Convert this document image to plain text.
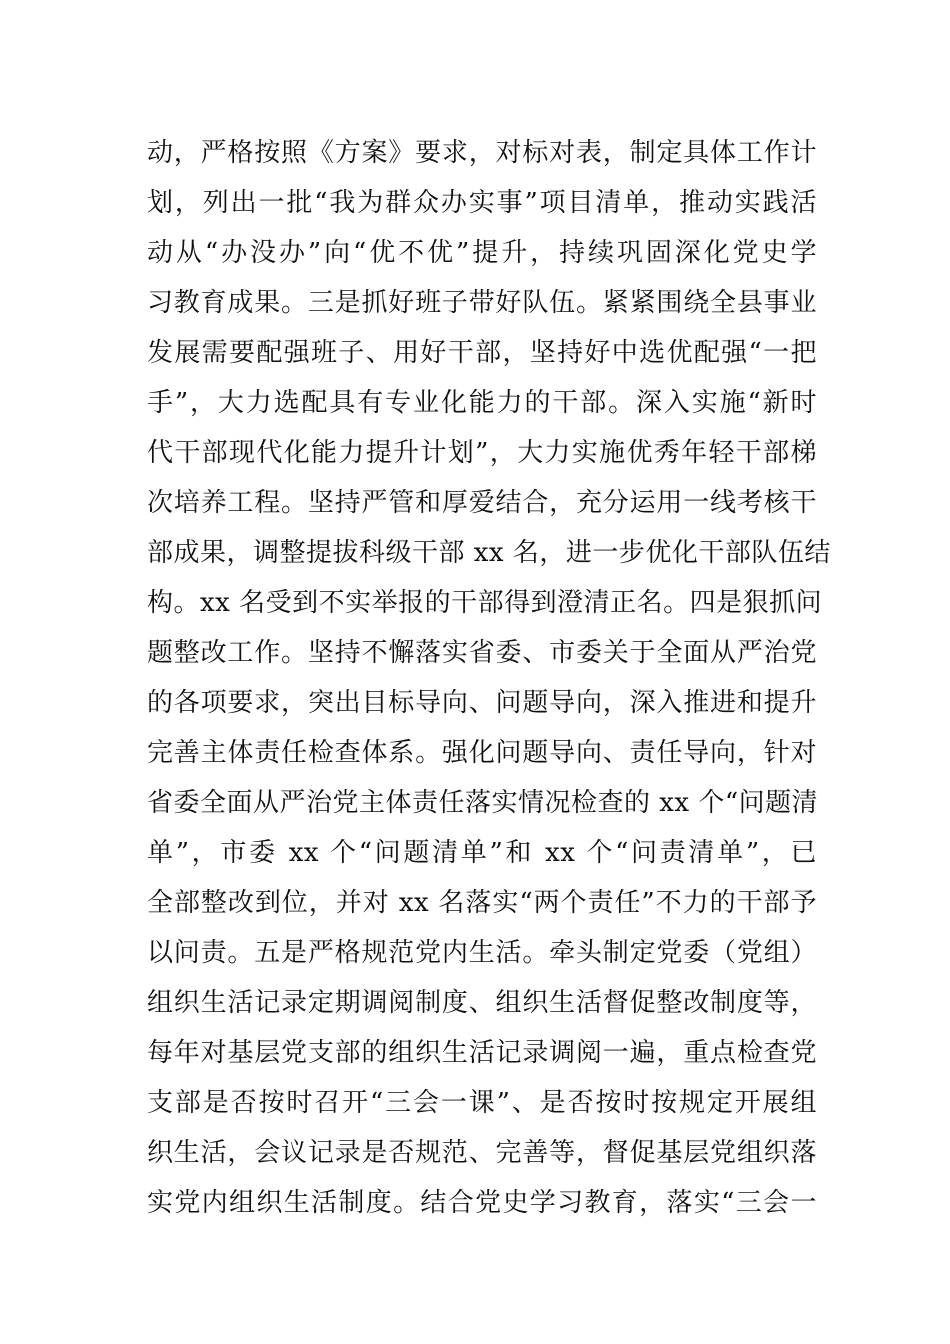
动，严格按照《方案》要求，对标对表，制定具体工作计
划，列出一批“我为群众办实事”项目清单，推动实践活
动从“办没办”向“优不优”提升，持续巩固深化党史学
习教育成果。三是抓好班子带好队伍。紧紧围绕全县事业
发展需要配强班子、用好干部，坚持好中选优配强“一把
手”，大力选配具有专业化能力的干部。深入实施“新时
代干部现代化能力提升计划”，大力实施优秀年轻干部梯
次培养工程。坚持严管和厚爱结合，充分运用一线考核干
部成果，调整提拔科级干部 xx 名，进一步优化干部队伍结
构。xx 名受到不实举报的干部得到澄清正名。四是狠抓问
题整改工作。坚持不懈落实省委、市委关于全面从严治党
的各项要求，突出目标导向、问题导向，深入推进和提升
完善主体责任检查体系。强化问题导向、责任导向，针对
省委全面从严治党主体责任落实情况检查的 xx 个“问题清
单”，市委 xx 个“问题清单”和 xx 个“问责清单”，已
全部整改到位，并对 xx 名落实“两个责任”不力的干部予
以问责。五是严格规范党内生活。牵头制定党委（党组）
组织生活记录定期调阅制度、组织生活督促整改制度等，
每年对基层党支部的组织生活记录调阅一遍，重点检查党
支部是否按时召开“三会一课”、是否按时按规定开展组
织生活，会议记录是否规范、完善等，督促基层党组织落
实党内组织生活制度。结合党史学习教育，落实“三会一
